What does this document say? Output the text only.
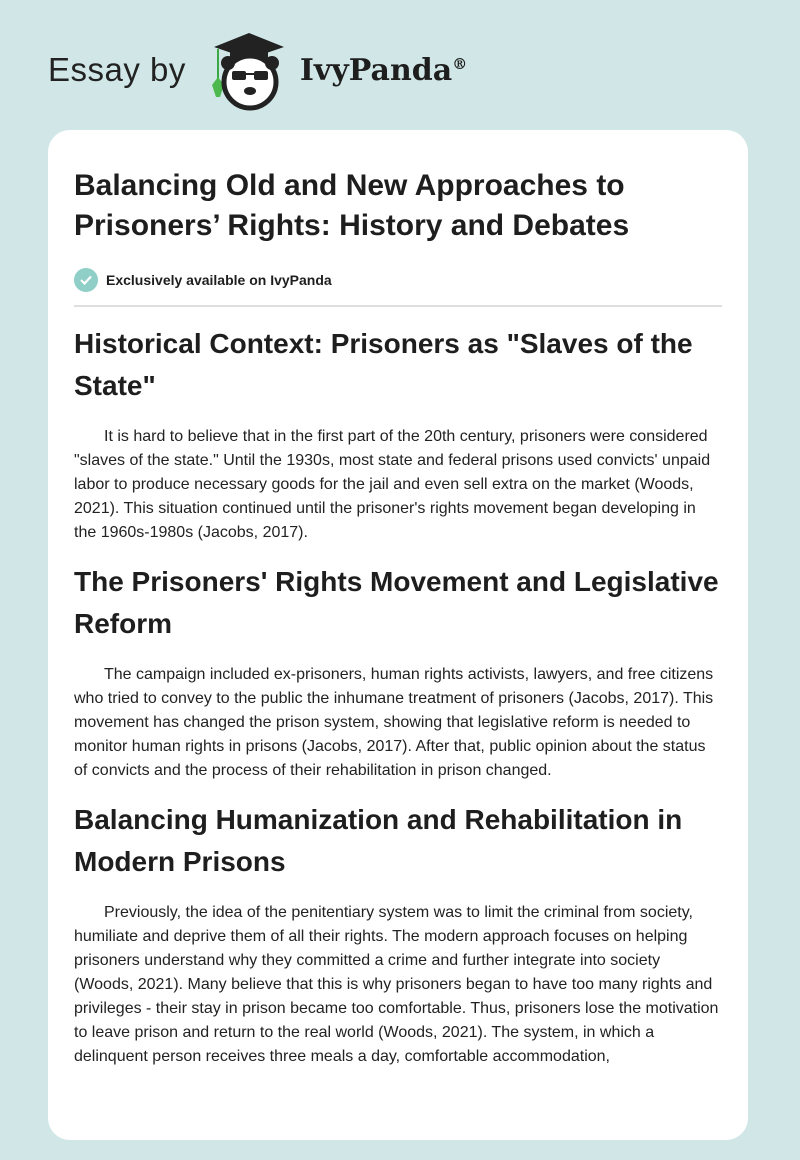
Essay by	IvyPanda®
Balancing Old and New Approaches to Prisoners’ Rights: History and Debates
Exclusively available on IvyPanda
Historical Context: Prisoners as "Slaves of the State"

It is hard to believe that in the first part of the 20th century, prisoners were considered "slaves of the state." Until the 1930s, most state and federal prisons used convicts' unpaid labor to produce necessary goods for the jail and even sell extra on the market (Woods, 2021). This situation continued until the prisoner's rights movement began developing in the 1960s-1980s (Jacobs, 2017).

The Prisoners' Rights Movement and Legislative Reform

The campaign included ex-prisoners, human rights activists, lawyers, and free citizens who tried to convey to the public the inhumane treatment of prisoners (Jacobs, 2017). This movement has changed the prison system, showing that legislative reform is needed to monitor human rights in prisons (Jacobs, 2017). After that, public opinion about the status of convicts and the process of their rehabilitation in prison changed.

Balancing Humanization and Rehabilitation in Modern Prisons

Previously, the idea of the penitentiary system was to limit the criminal from society, humiliate and deprive them of all their rights. The modern approach focuses on helping prisoners understand why they committed a crime and further integrate into society (Woods, 2021). Many believe that this is why prisoners began to have too many rights and privileges - their stay in prison became too comfortable. Thus, prisoners lose the motivation to leave prison and return to the real world (Woods, 2021). The system, in which a delinquent person receives three meals a day, comfortable accommodation,
